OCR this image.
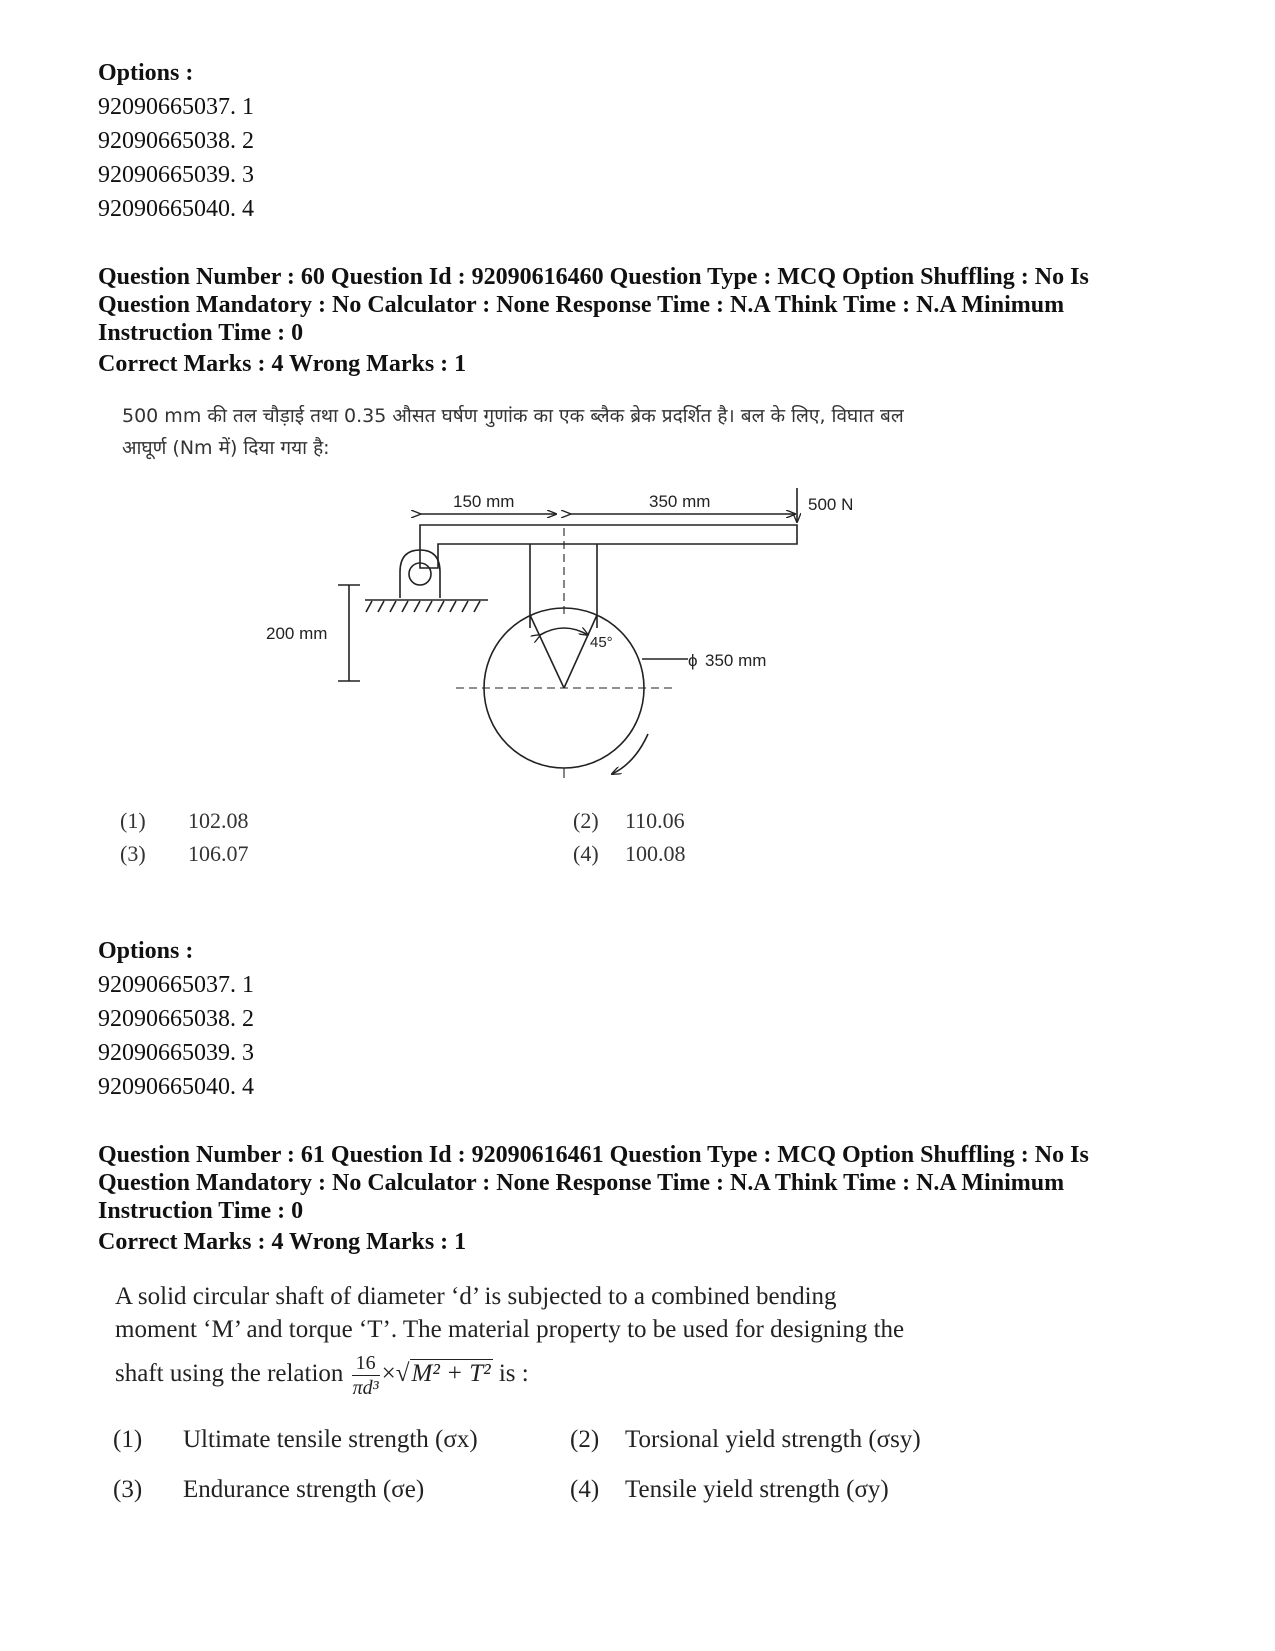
Options :
92090665037. 1
92090665038. 2
92090665039. 3
92090665040. 4
Question Number : 60 Question Id : 92090616460 Question Type : MCQ Option Shuffling : No Is
Question Mandatory : No Calculator : None Response Time : N.A Think Time : N.A Minimum
Instruction Time : 0
Correct Marks : 4 Wrong Marks : 1
500 mm की तल चौड़ाई तथा 0.35 औसत घर्षण गुणांक का एक ब्लैक ब्रेक प्रदर्शित है। बल के लिए, विघात बल
आघूर्ण (Nm में) दिया गया है:
150 mm	350 mm	500 N
200 mm	45°
ϕ 350 mm
(1) 102.08	(2) 110.06
(3) 106.07	(4) 100.08
Options :
92090665037. 1
92090665038. 2
92090665039. 3
92090665040. 4
Question Number : 61 Question Id : 92090616461 Question Type : MCQ Option Shuffling : No Is
Question Mandatory : No Calculator : None Response Time : N.A Think Time : N.A Minimum
Instruction Time : 0
Correct Marks : 4 Wrong Marks : 1
A solid circular shaft of diameter ‘d’ is subjected to a combined bending
moment ‘M’ and torque ‘T’. The material property to be used for designing the
shaft using the relation $\frac{16}{\text{πd³}} \times√M^2 + T^2$ is :
(1) Ultimate tensile strength (σx)	(2) Torsional yield strength (σsy)
(3) Endurance strength (σe)	(4) Tensile yield strength (σy)
